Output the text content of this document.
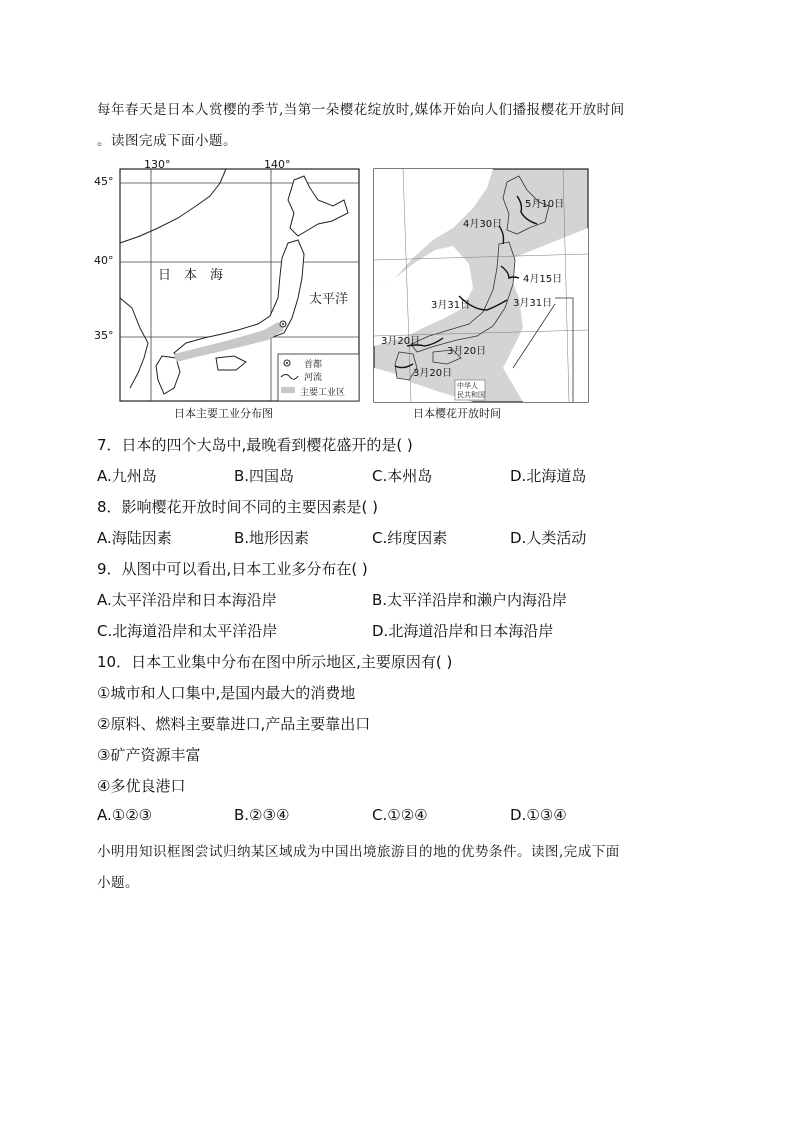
每年春天是日本人赏樱的季节,当第一朵樱花绽放时,媒体开始向人们播报樱花开放时间
。读图完成下面小题。
130°	140°
45°
40°
35°
日　本　海
太平洋
首都
河流
主要工业区
日本主要工业分布图
5月10日
4月30日
4月15日
3月31日	3月31日
3月20日
3月20日
3月20日
中华人
民共和国
日本樱花开放时间
7．日本的四个大岛中,最晚看到樱花盛开的是( )
A.九州岛	B.四国岛	C.本州岛	D.北海道岛
8．影响樱花开放时间不同的主要因素是( )
A.海陆因素	B.地形因素	C.纬度因素	D.人类活动
9．从图中可以看出,日本工业多分布在( )
A.太平洋沿岸和日本海沿岸	B.太平洋沿岸和濑户内海沿岸
C.北海道沿岸和太平洋沿岸	D.北海道沿岸和日本海沿岸
10．日本工业集中分布在图中所示地区,主要原因有( )
①城市和人口集中,是国内最大的消费地
②原料、燃料主要靠进口,产品主要靠出口
③矿产资源丰富
④多优良港口
A.①②③	B.②③④	C.①②④	D.①③④
小明用知识框图尝试归纳某区域成为中国出境旅游目的地的优势条件。读图,完成下面
小题。
